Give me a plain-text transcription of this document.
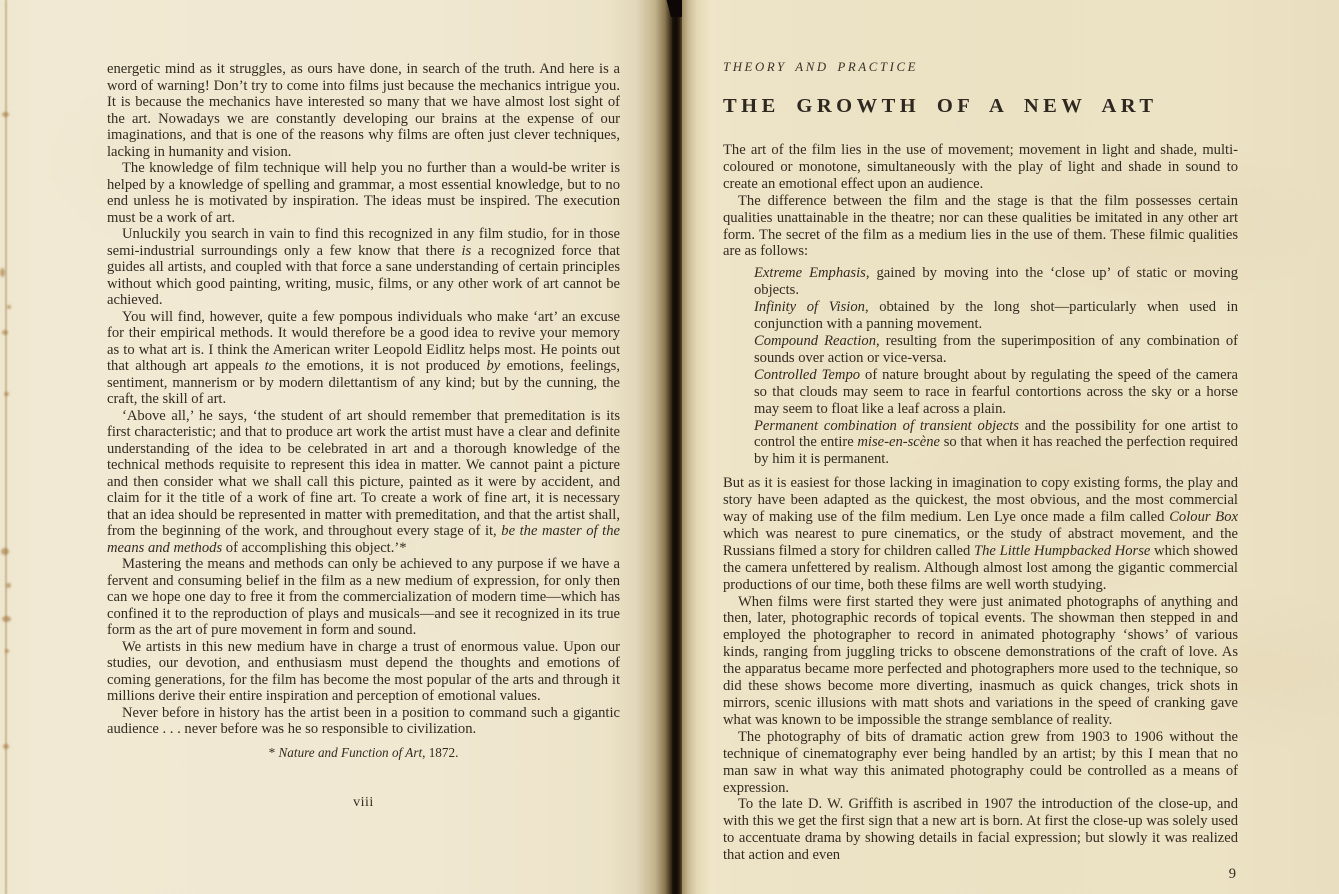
energetic mind as it struggles, as ours have done, in search of the truth. And here is a word of warning! Don’t try to come into films just because the mechanics intrigue you. It is because the mechanics have interested so many that we have almost lost sight of the art. Nowadays we are constantly developing our brains at the expense of our imaginations, and that is one of the reasons why films are often just clever techniques, lacking in humanity and vision.

The knowledge of film technique will help you no further than a would-be writer is helped by a knowledge of spelling and grammar, a most essential knowledge, but to no end unless he is motivated by inspiration. The ideas must be inspired. The execution must be a work of art.

Unluckily you search in vain to find this recognized in any film studio, for in those semi-industrial surroundings only a few know that there is a recognized force that guides all artists, and coupled with that force a sane understanding of certain principles without which good painting, writing, music, films, or any other work of art cannot be achieved.

You will find, however, quite a few pompous individuals who make ‘art’ an excuse for their empirical methods. It would therefore be a good idea to revive your memory as to what art is. I think the American writer Leopold Eidlitz helps most. He points out that although art appeals to the emotions, it is not produced by emotions, feelings, sentiment, mannerism or by modern dilettantism of any kind; but by the cunning, the craft, the skill of art.

‘Above all,’ he says, ‘the student of art should remember that premeditation is its first characteristic; and that to produce art work the artist must have a clear and definite understanding of the idea to be celebrated in art and a thorough knowledge of the technical methods requisite to represent this idea in matter. We cannot paint a picture and then consider what we shall call this picture, painted as it were by accident, and claim for it the title of a work of fine art. To create a work of fine art, it is necessary that an idea should be represented in matter with premeditation, and that the artist shall, from the beginning of the work, and throughout every stage of it, be the master of the means and methods of accomplishing this object.’*

Mastering the means and methods can only be achieved to any purpose if we have a fervent and consuming belief in the film as a new medium of expression, for only then can we hope one day to free it from the commercialization of modern time—which has confined it to the reproduction of plays and musicals—and see it recognized in its true form as the art of pure movement in form and sound.

We artists in this new medium have in charge a trust of enormous value. Upon our studies, our devotion, and enthusiasm must depend the thoughts and emotions of coming generations, for the film has become the most popular of the arts and through it millions derive their entire inspiration and perception of emotional values.

Never before in history has the artist been in a position to command such a gigantic audience . . . never before was he so responsible to civilization.

* Nature and Function of Art, 1872.
viii

THEORY AND PRACTICE

THE GROWTH OF A NEW ART

The art of the film lies in the use of movement; movement in light and shade, multi-coloured or monotone, simultaneously with the play of light and shade in sound to create an emotional effect upon an audience.

The difference between the film and the stage is that the film possesses certain qualities unattainable in the theatre; nor can these qualities be imitated in any other art form. The secret of the film as a medium lies in the use of them. These filmic qualities are as follows:

Extreme Emphasis, gained by moving into the ‘close up’ of static or moving objects.

Infinity of Vision, obtained by the long shot—particularly when used in conjunction with a panning movement.

Compound Reaction, resulting from the superimposition of any combination of sounds over action or vice-versa.

Controlled Tempo of nature brought about by regulating the speed of the camera so that clouds may seem to race in fearful contortions across the sky or a horse may seem to float like a leaf across a plain.

Permanent combination of transient objects and the possibility for one artist to control the entire mise-en-scène so that when it has reached the perfection required by him it is permanent.

But as it is easiest for those lacking in imagination to copy existing forms, the play and story have been adapted as the quickest, the most obvious, and the most commercial way of making use of the film medium. Len Lye once made a film called Colour Box which was nearest to pure cinematics, or the study of abstract movement, and the Russians filmed a story for children called The Little Humpbacked Horse which showed the camera unfettered by realism. Although almost lost among the gigantic commercial productions of our time, both these films are well worth studying.

When films were first started they were just animated photographs of anything and then, later, photographic records of topical events. The showman then stepped in and employed the photographer to record in animated photography ‘shows’ of various kinds, ranging from juggling tricks to obscene demonstrations of the craft of love. As the apparatus became more perfected and photographers more used to the technique, so did these shows become more diverting, inasmuch as quick changes, trick shots in mirrors, scenic illusions with matt shots and variations in the speed of cranking gave what was known to be impossible the strange semblance of reality.

The photography of bits of dramatic action grew from 1903 to 1906 without the technique of cinematography ever being handled by an artist; by this I mean that no man saw in what way this animated photography could be controlled as a means of expression.

To the late D. W. Griffith is ascribed in 1907 the introduction of the close-up, and with this we get the first sign that a new art is born. At first the close-up was solely used to accentuate drama by showing details in facial expression; but slowly it was realized that action and even

9
